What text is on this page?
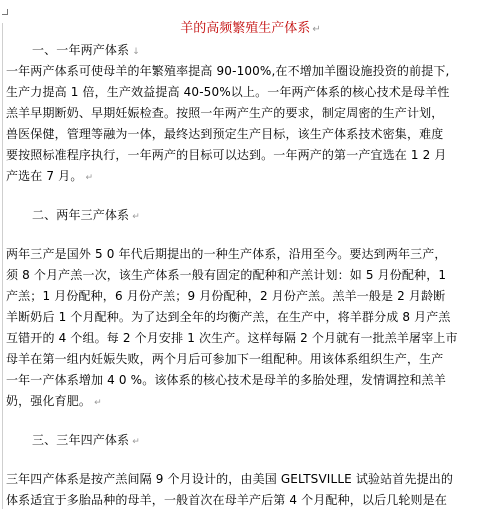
羊的高频繁殖生产体系 ↵
一、一年两产体系 ↓
一年两产体系可使母羊的年繁殖率提高 90-100%,在不增加羊圈设施投资的前提下,
生产力提高 1 倍，生产效益提高 40-50%以上。一年两产体系的核心技术是母羊性
羔羊早期断奶、早期妊娠检查。按照一年两产生产的要求，制定周密的生产计划，
兽医保健，管理等融为一体，最终达到预定生产目标，该生产体系技术密集，难度
要按照标准程序执行，一年两产的目标可以达到。一年两产的第一产宜选在 1 2 月
产选在 7 月。 ↵
二、两年三产体系 ↵
两年三产是国外 5 0 年代后期提出的一种生产体系，沿用至今。要达到两年三产，
须 8 个月产羔一次，该生产体系一般有固定的配种和产羔计划：如 5 月份配种，1
产羔；1 月份配种，6 月份产羔；9 月份配种，2 月份产羔。羔羊一般是 2 月龄断
羊断奶后 1 个月配种。为了达到全年的均衡产羔，在生产中，将羊群分成 8 月产羔
互错开的 4 个组。每 2 个月安排 1 次生产。这样每隔 2 个月就有一批羔羊屠宰上市
母羊在第一组内妊娠失败，两个月后可参加下一组配种。用该体系组织生产，生产
一年一产体系增加 4 0 %。该体系的核心技术是母羊的多胎处理，发情调控和羔羊
奶，强化育肥。 ↵
三、三年四产体系 ↵
三年四产体系是按产羔间隔 9 个月设计的，由美国 GELTSVILLE 试验站首先提出的
体系适宜于多胎品种的母羊，一般首次在母羊产后第 4 个月配种，以后几轮则是在
